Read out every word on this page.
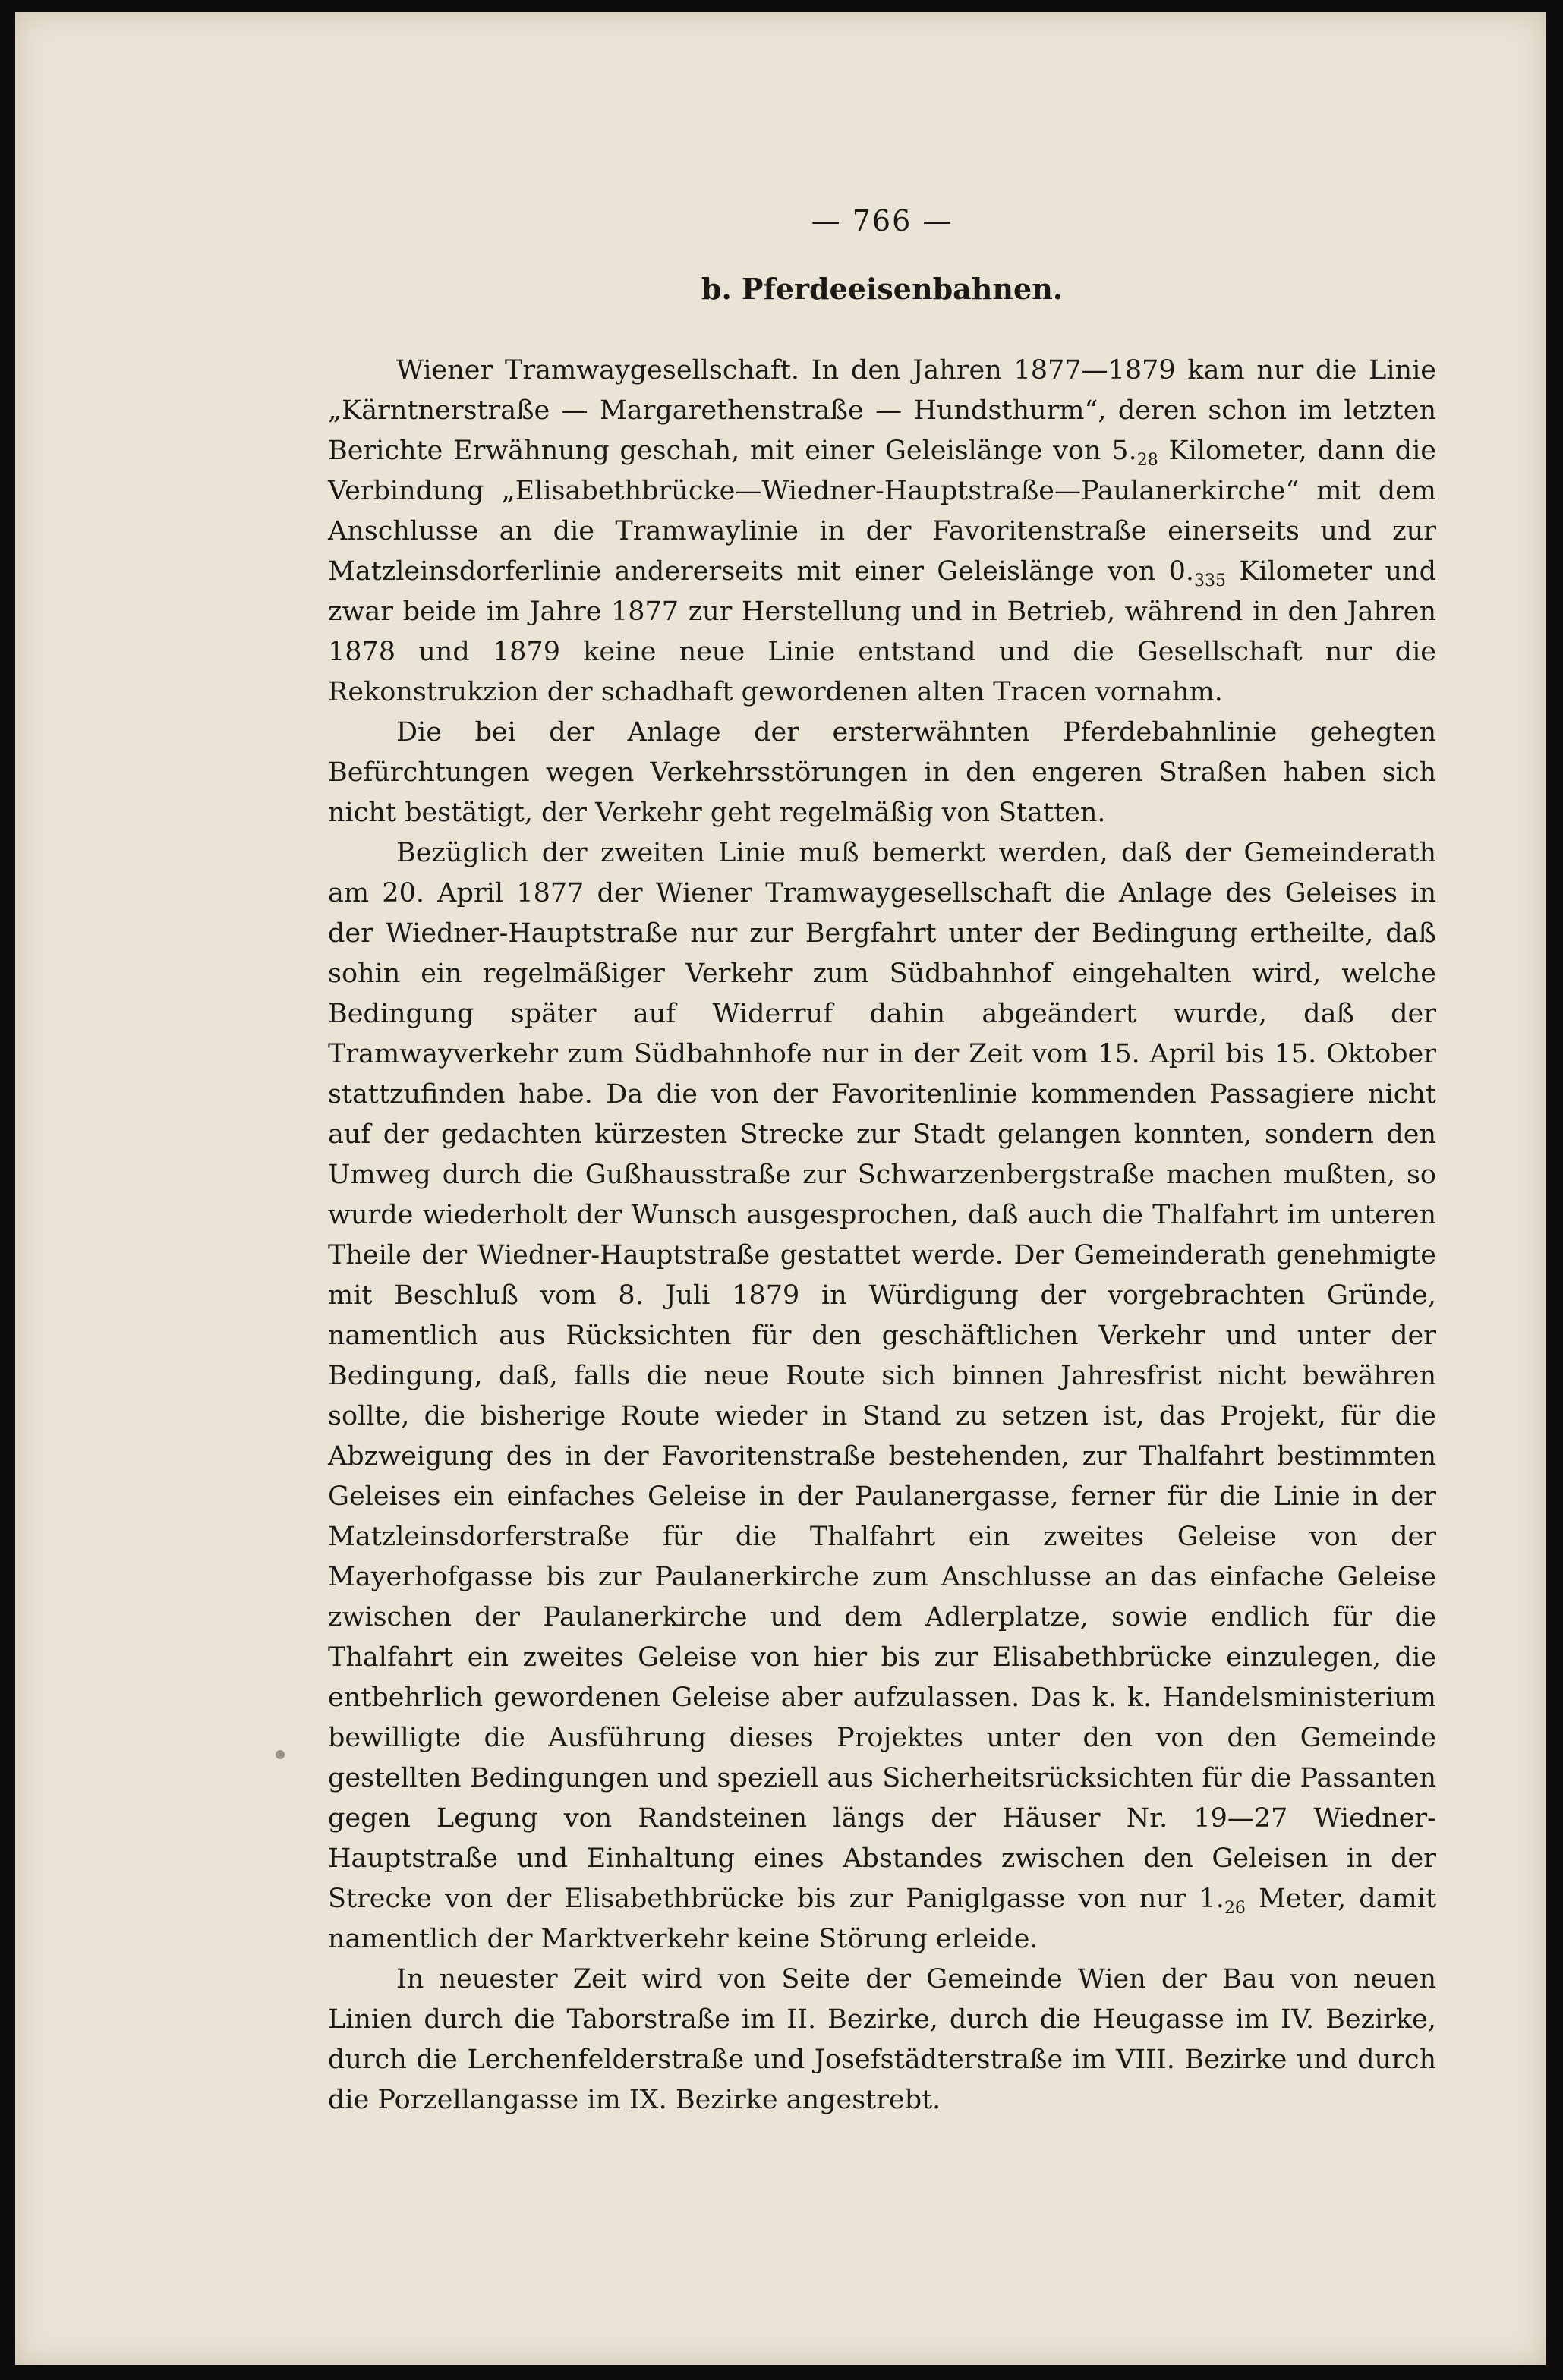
— 766 —
b. Pferdeeisenbahnen.

Wiener Tramwaygesellschaft. In den Jahren 1877—1879 kam nur die Linie „Kärntnerstraße — Margarethenstraße — Hundsthurm“, deren schon im letzten Berichte Erwähnung geschah, mit einer Geleislänge von $5._{28}$ Kilometer, dann die Verbindung „Elisabethbrücke—Wiedner-Hauptstraße—Paulanerkirche“ mit dem Anschlusse an die Tramwaylinie in der Favoritenstraße einerseits und zur Matzleinsdorferlinie andererseits mit einer Geleislänge von $0._{335}$ Kilometer und zwar beide im Jahre 1877 zur Herstellung und in Betrieb, während in den Jahren 1878 und 1879 keine neue Linie entstand und die Gesellschaft nur die Rekonstrukzion der schadhaft gewordenen alten Tracen vornahm.

Die bei der Anlage der ersterwähnten Pferdebahnlinie gehegten Befürchtungen wegen Verkehrsstörungen in den engeren Straßen haben sich nicht bestätigt, der Verkehr geht regelmäßig von Statten.

Bezüglich der zweiten Linie muß bemerkt werden, daß der Gemeinderath am 20. April 1877 der Wiener Tramwaygesellschaft die Anlage des Geleises in der Wiedner-Hauptstraße nur zur Bergfahrt unter der Bedingung ertheilte, daß sohin ein regelmäßiger Verkehr zum Südbahnhof eingehalten wird, welche Bedingung später auf Widerruf dahin abgeändert wurde, daß der Tramwayverkehr zum Südbahnhofe nur in der Zeit vom 15. April bis 15. Oktober stattzufinden habe. Da die von der Favoritenlinie kommenden Passagiere nicht auf der gedachten kürzesten Strecke zur Stadt gelangen konnten, sondern den Umweg durch die Gußhausstraße zur Schwarzenbergstraße machen mußten, so wurde wiederholt der Wunsch ausgesprochen, daß auch die Thalfahrt im unteren Theile der Wiedner-Hauptstraße gestattet werde. Der Gemeinderath genehmigte mit Beschluß vom 8. Juli 1879 in Würdigung der vorgebrachten Gründe, namentlich aus Rücksichten für den geschäftlichen Verkehr und unter der Bedingung, daß, falls die neue Route sich binnen Jahresfrist nicht bewähren sollte, die bisherige Route wieder in Stand zu setzen ist, das Projekt, für die Abzweigung des in der Favoritenstraße bestehenden, zur Thalfahrt bestimmten Geleises ein einfaches Geleise in der Paulanergasse, ferner für die Linie in der Matzleinsdorferstraße für die Thalfahrt ein zweites Geleise von der Mayerhofgasse bis zur Paulanerkirche zum Anschlusse an das einfache Geleise zwischen der Paulanerkirche und dem Adlerplatze, sowie endlich für die Thalfahrt ein zweites Geleise von hier bis zur Elisabethbrücke einzulegen, die entbehrlich gewordenen Geleise aber aufzulassen. Das k. k. Handelsministerium bewilligte die Ausführung dieses Projektes unter den von den Gemeinde gestellten Bedingungen und speziell aus Sicherheitsrücksichten für die Passanten gegen Legung von Randsteinen längs der Häuser Nr. 19—27 Wiedner-Hauptstraße und Einhaltung eines Abstandes zwischen den Geleisen in der Strecke von der Elisabethbrücke bis zur Paniglgasse von nur $1._{26}$ Meter, damit namentlich der Marktverkehr keine Störung erleide.

In neuester Zeit wird von Seite der Gemeinde Wien der Bau von neuen Linien durch die Taborstraße im II. Bezirke, durch die Heugasse im IV. Bezirke, durch die Lerchenfelderstraße und Josefstädterstraße im VIII. Bezirke und durch die Porzellangasse im IX. Bezirke angestrebt.
